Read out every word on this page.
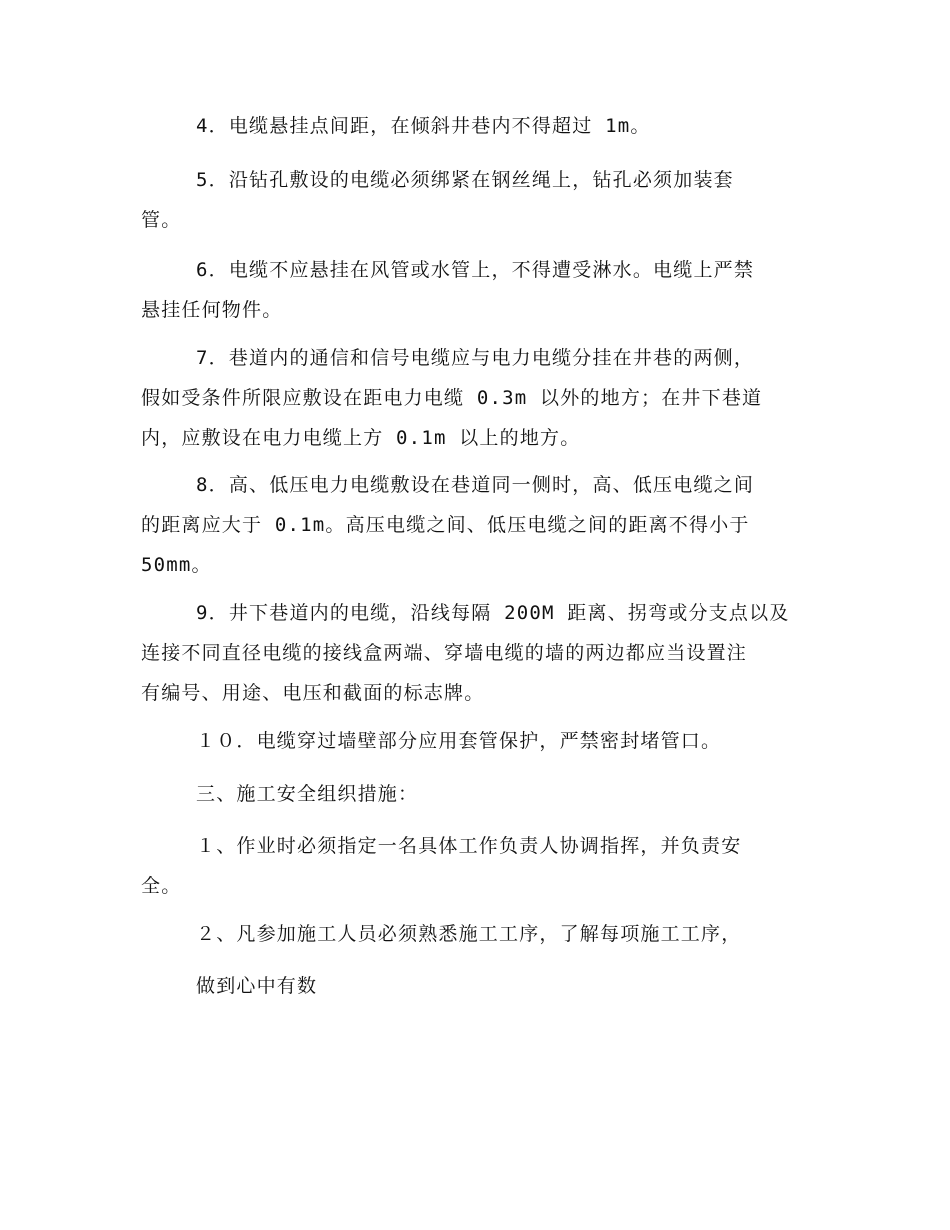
4．电缆悬挂点间距，在倾斜井巷内不得超过 1m。

5．沿钻孔敷设的电缆必须绑紧在钢丝绳上，钻孔必须加装套
管。

6．电缆不应悬挂在风管或水管上，不得遭受淋水。电缆上严禁
悬挂任何物件。

7．巷道内的通信和信号电缆应与电力电缆分挂在井巷的两侧，
假如受条件所限应敷设在距电力电缆 0.3m 以外的地方；在井下巷道
内，应敷设在电力电缆上方 0.1m 以上的地方。

8．高、低压电力电缆敷设在巷道同一侧时，高、低压电缆之间
的距离应大于 0.1m。高压电缆之间、低压电缆之间的距离不得小于
50mm。

9．井下巷道内的电缆，沿线每隔 200M 距离、拐弯或分支点以及
连接不同直径电缆的接线盒两端、穿墙电缆的墙的两边都应当设置注
有编号、用途、电压和截面的标志牌。

１０．电缆穿过墙壁部分应用套管保护，严禁密封堵管口。

三、施工安全组织措施：

１、作业时必须指定一名具体工作负责人协调指挥，并负责安
全。

２、凡参加施工人员必须熟悉施工工序，了解每项施工工序，

做到心中有数
